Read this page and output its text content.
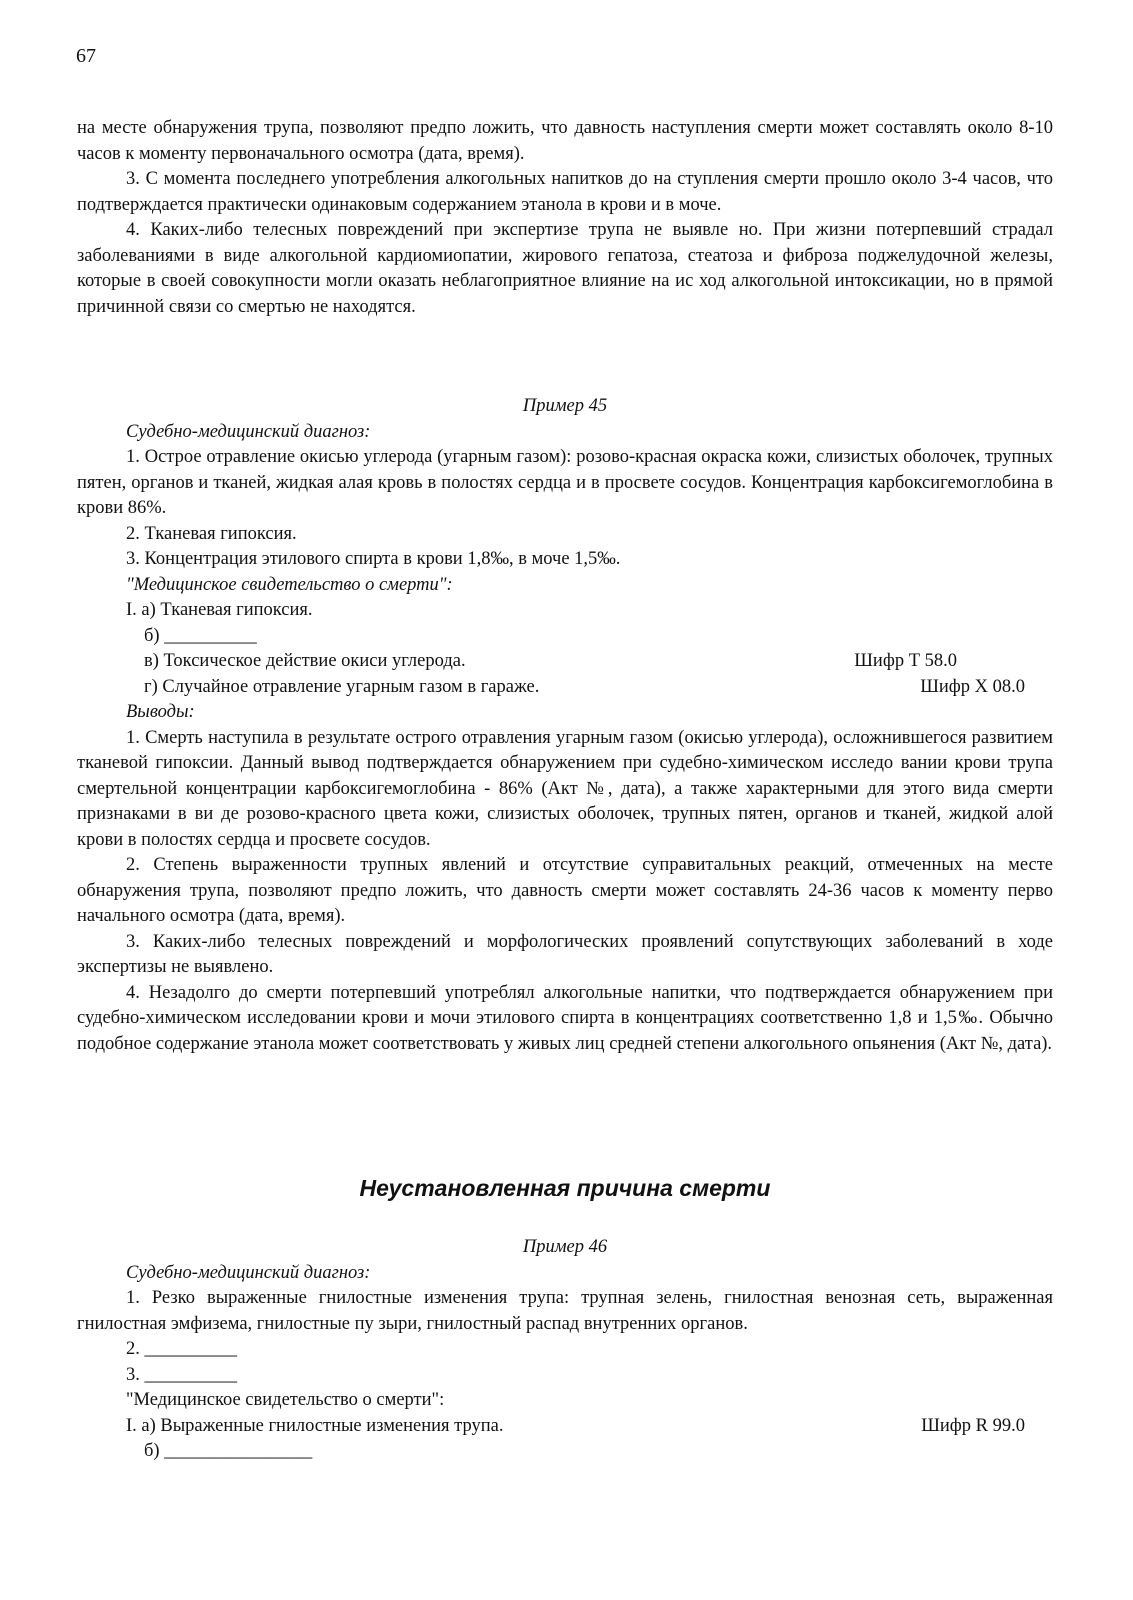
67

на месте обнаружения трупа, позволяют предпо ложить, что давность наступления смерти может составлять около 8-10 часов к моменту первоначального осмотра (дата, время).

3. С момента последнего употребления алкогольных напитков до на ступления смерти прошло около 3-4 часов, что подтверждается практически одинаковым содержанием этанола в крови и в моче.

4. Каких-либо телесных повреждений при экспертизе трупа не выявле но. При жизни потерпевший страдал заболеваниями в виде алкогольной кардиомиопатии, жирового гепатоза, стеатоза и фиброза поджелудочной железы, которые в своей совокупности могли оказать неблагоприятное влияние на ис ход алкогольной интоксикации, но в прямой причинной связи со смертью не находятся.

Пример 45

Судебно-медицинский диагноз:

1. Острое отравление окисью углерода (угарным газом): розово-красная окраска кожи, слизистых оболочек, трупных пятен, органов и тканей, жидкая алая кровь в полостях сердца и в просвете сосудов. Концентрация карбоксигемоглобина в крови 86%.

2. Тканевая гипоксия.

3. Концентрация этилового спирта в крови 1,8‰, в моче 1,5‰.

"Медицинское свидетельство о смерти":

I. а) Тканевая гипоксия.

б) __________

в) Токсическое действие окиси углерода.	Шифр Т 58.0
г) Случайное отравление угарным газом в гараже.	Шифр Х 08.0

Выводы:

1. Смерть наступила в результате острого отравления угарным газом (окисью углерода), осложнившегося развитием тканевой гипоксии. Данный вывод подтверждается обнаружением при судебно-химическом исследо вании крови трупа смертельной концентрации карбоксигемоглобина - 86% (Акт №, дата), а также характерными для этого вида смерти признаками в ви де розово-красного цвета кожи, слизистых оболочек, трупных пятен, органов и тканей, жидкой алой крови в полостях сердца и просвете сосудов.

2. Степень выраженности трупных явлений и отсутствие суправитальных реакций, отмеченных на месте обнаружения трупа, позволяют предпо ложить, что давность смерти может составлять 24-36 часов к моменту перво начального осмотра (дата, время).

3. Каких-либо телесных повреждений и морфологических проявлений сопутствующих заболеваний в ходе экспертизы не выявлено.

4. Незадолго до смерти потерпевший употреблял алкогольные напитки, что подтверждается обнаружением при судебно-химическом исследовании крови и мочи этилового спирта в концентрациях соответственно 1,8 и 1,5‰. Обычно подобное содержание этанола может соответствовать у живых лиц средней степени алкогольного опьянения (Акт №, дата).

Неустановленная причина смерти

Пример 46

Судебно-медицинский диагноз:

1. Резко выраженные гнилостные изменения трупа: трупная зелень, гнилостная венозная сеть, выраженная гнилостная эмфизема, гнилостные пу зыри, гнилостный распад внутренних органов.

2. __________

3. __________

"Медицинское свидетельство о смерти":

I. а) Выраженные гнилостные изменения трупа.	Шифр R 99.0

б) ________________
